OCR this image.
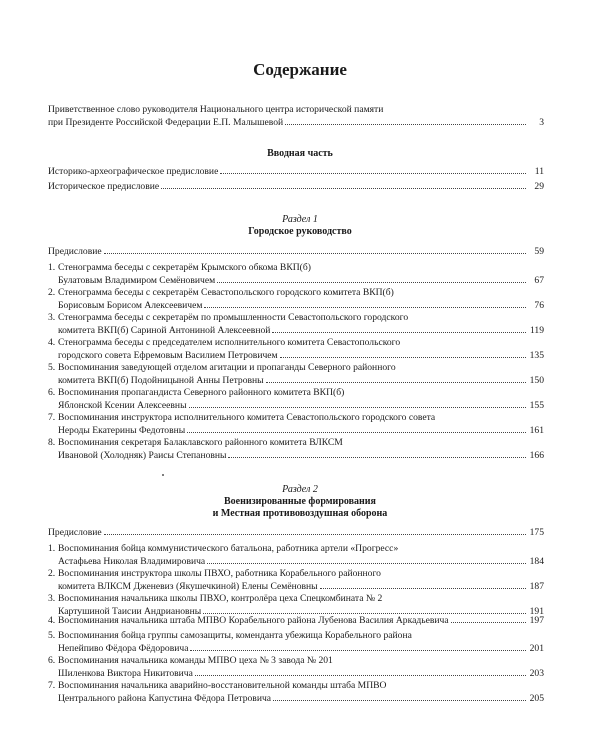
Содержание
Приветственное слово руководителя Национального центра исторической памяти
при Президенте Российской Федерации Е.П. Малышевой	3
Вводная часть
Историко-археографическое предисловие	11
Историческое предисловие	29
Раздел 1
Городское руководство
Предисловие	59
1. Стенограмма беседы с секретарём Крымского обкома ВКП(б)
Булатовым Владимиром Семёновичем	67
2. Стенограмма беседы с секретарём Севастопольского городского комитета ВКП(б)
Борисовым Борисом Алексеевичем	76
3. Стенограмма беседы с секретарём по промышленности Севастопольского городского
комитета ВКП(б) Сариной Антониной Алексеевной	119
4. Стенограмма беседы с председателем исполнительного комитета Севастопольского
городского совета Ефремовым Василием Петровичем	135
5. Воспоминания заведующей отделом агитации и пропаганды Северного районного
комитета ВКП(б) Подойницыной Анны Петровны	150
6. Воспоминания пропагандиста Северного районного комитета ВКП(б)
Яблонской Ксении Алексеевны	155
7. Воспоминания инструктора исполнительного комитета Севастопольского городского совета
Нероды Екатерины Федотовны	161
8. Воспоминания секретаря Балаклавского районного комитета ВЛКСМ
Ивановой (Холодняк) Раисы Степановны	166
Раздел 2
Военизированные формирования
и Местная противовоздушная оборона
Предисловие	175
1. Воспоминания бойца коммунистического батальона, работника артели «Прогресс»
Астафьева Николая Владимировича	184
2. Воспоминания инструктора школы ПВХО, работника Корабельного районного
комитета ВЛКСМ Дженевиз (Якушечкиной) Елены Семёновны	187
3. Воспоминания начальника школы ПВХО, контролёра цеха Спецкомбината № 2
Картушиной Таисии Андриановны	191
4. Воспоминания начальника штаба МПВО Корабельного района Лубенова Василия Аркадьевича	197
5. Воспоминания бойца группы самозащиты, коменданта убежища Корабельного района
Непейпиво Фёдора Фёдоровича	201
6. Воспоминания начальника команды МПВО цеха № 3 завода № 201
Шиленкова Виктора Никитовича	203
7. Воспоминания начальника аварийно-восстановительной команды штаба МПВО
Центрального района Капустина Фёдора Петровича	205
